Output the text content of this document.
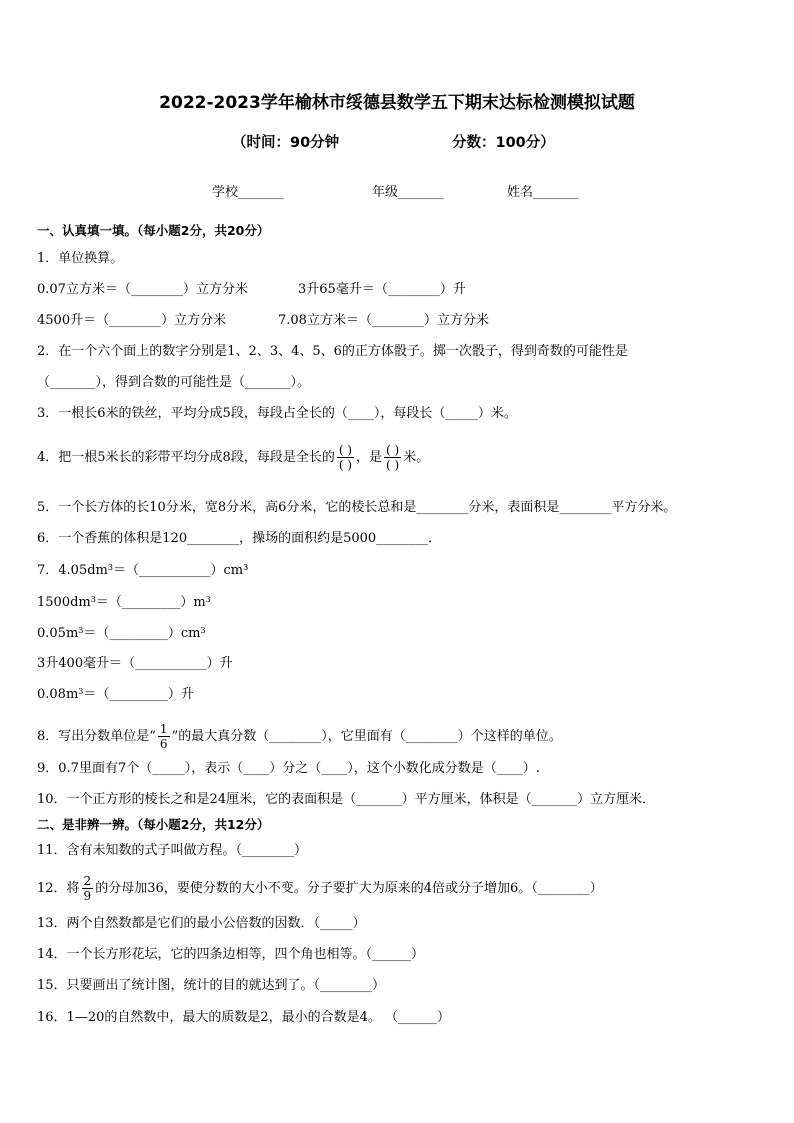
2022-2023学年榆林市绥德县数学五下期末达标检测模拟试题
（时间：90分钟	分数：100分）
学校_______	年级_______	姓名_______
一、认真填一填。（每小题2分，共20分）
1．单位换算。
0.07立方米＝（________）立方分米	3升65毫升＝（________）升
4500升＝（________）立方分米	7.08立方米＝（________）立方分米
2．在一个六个面上的数字分别是1、2、3、4、5、6的正方体骰子。掷一次骰子，得到奇数的可能性是
（_______），得到合数的可能性是（_______）。
3．一根长6米的铁丝，平均分成5段，每段占全长的（____），每段长（_____）米。
4．把一根5米长的彩带平均分成8段，每段是全长的 $\frac{( )}{( )}$ ，是 $\frac{( )}{( )}$ 米。
5．一个长方体的长10分米，宽8分米，高6分米，它的棱长总和是________分米，表面积是________平方分米。
6．一个香蕉的体积是120________，操场的面积约是5000________．
7．$4.05dm^3=(\_\_\_\_\_\_\_\_\_\_\_)cm^3$
$1500dm^3=(\_\_\_\_\_\_\_\_\_)m^3$
$0.05m^3=(\_\_\_\_\_\_\_\_\_)cm^3$
3升400毫升＝（___________）升
$0.08m^3=(\_\_\_\_\_\_\_\_\_)$升
8．写出分数单位是“ $\frac{1}{6}$ ”的最大真分数（________），它里面有（________）个这样的单位。
9．0.7里面有7个（_____），表示（____）分之（____），这个小数化成分数是（____）.
10．一个正方形的棱长之和是24厘米，它的表面积是（_______）平方厘米，体积是（_______）立方厘米．
二、是非辨一辨。（每小题2分，共12分）
11．含有未知数的式子叫做方程。（________）
12．将 $\frac{2}{9}$ 的分母加36，要使分数的大小不变。分子要扩大为原来的4倍或分子增加6。（________）
13．两个自然数都是它们的最小公倍数的因数．（_____）
14．一个长方形花坛，它的四条边相等，四个角也相等。（______）
15．只要画出了统计图，统计的目的就达到了。（________）
16．1—20的自然数中，最大的质数是2，最小的合数是4。 （______）
